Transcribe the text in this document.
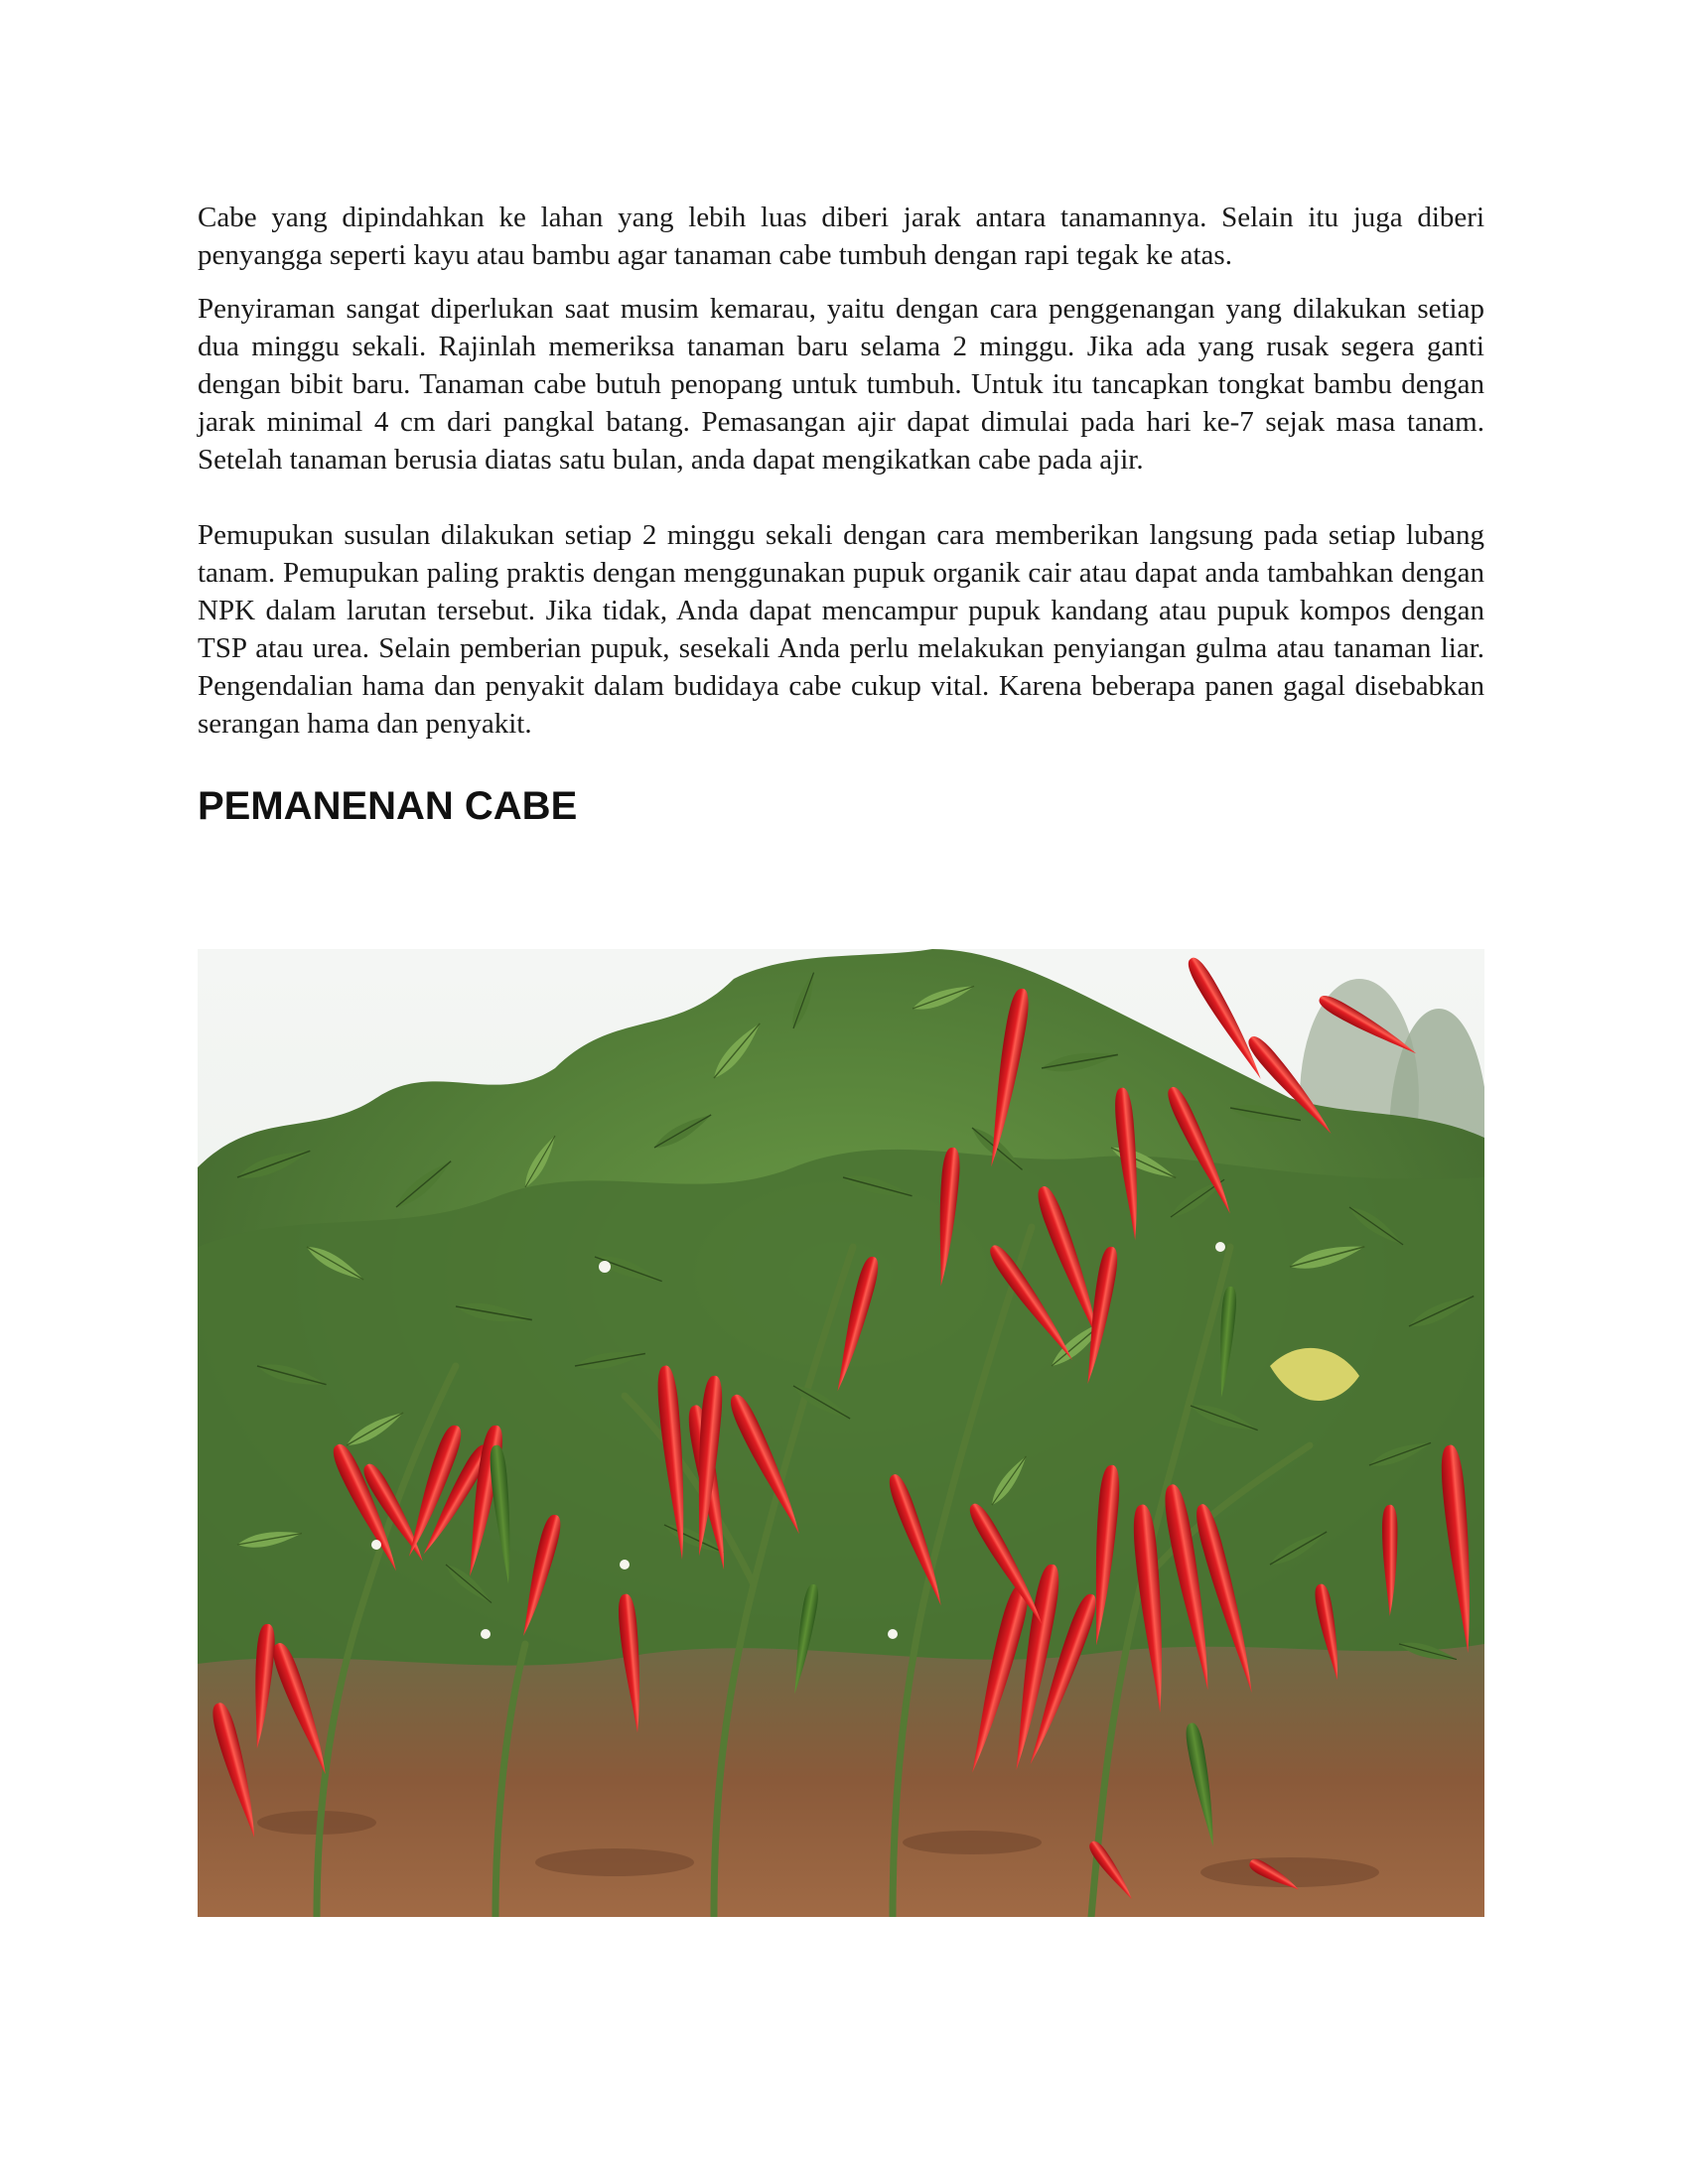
Cabe yang dipindahkan ke lahan yang lebih luas diberi jarak antara tanamannya. Selain itu juga diberi penyangga seperti kayu atau bambu agar tanaman cabe tumbuh dengan rapi tegak ke atas.

Penyiraman sangat diperlukan saat musim kemarau, yaitu dengan cara penggenangan yang dilakukan setiap dua minggu sekali. Rajinlah memeriksa tanaman baru selama 2 minggu. Jika ada yang rusak segera ganti dengan bibit baru. Tanaman cabe butuh penopang untuk tumbuh. Untuk itu tancapkan tongkat bambu dengan jarak minimal 4 cm dari pangkal batang. Pemasangan ajir dapat dimulai pada hari ke-7 sejak masa tanam. Setelah tanaman berusia diatas satu bulan, anda dapat mengikatkan cabe pada ajir.

Pemupukan susulan dilakukan setiap 2 minggu sekali dengan cara memberikan langsung pada setiap lubang tanam. Pemupukan paling praktis dengan menggunakan pupuk organik cair atau dapat anda tambahkan dengan NPK dalam larutan tersebut. Jika tidak, Anda dapat mencampur pupuk kandang atau pupuk kompos dengan TSP atau urea. Selain pemberian pupuk, sesekali Anda perlu melakukan penyiangan gulma atau tanaman liar. Pengendalian hama dan penyakit dalam budidaya cabe cukup vital. Karena beberapa panen gagal disebabkan serangan hama dan penyakit.

PEMANENAN CABE
